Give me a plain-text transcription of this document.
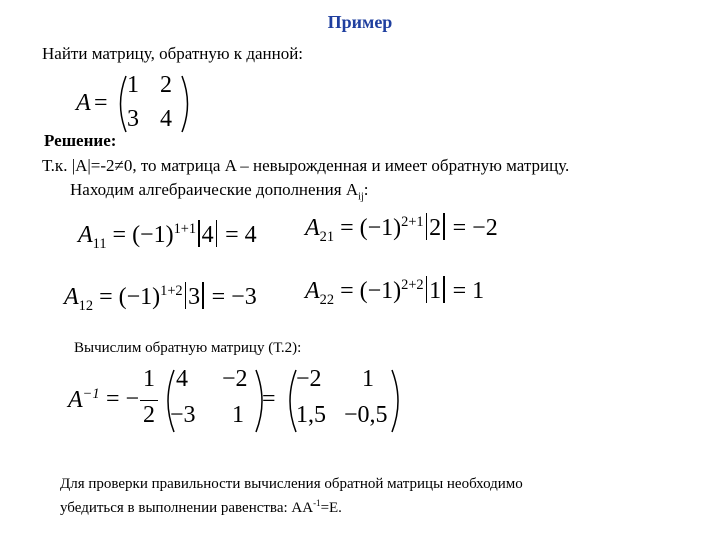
Пример
Найти матрицу, обратную к данной:
A =
1 2
3 4
Решение:
Т.к. |A|=-2≠0, то матрица A – невырожденная и имеет обратную матрицу.
Находим алгебраические дополнения $A_{ij}$:
$A_{11} = (-1)^{1+1}$ 4 = 4 $A_{21} = (-1)^{2+1}$ 2 = −2
$A_{12} = (-1)^{1+2}$ 3 = −3 $A_{22} = (-1)^{2+2}$ 1 = 1
Вычислим обратную матрицу (Т.2):
$A^{-1}$ = −
1
2
4 −2
−3 1
=
−2 1
1,5 −0,5
Для проверки правильности вычисления обратной матрицы необходимо
убедиться в выполнении равенства: $AA^{-1}=E$.
